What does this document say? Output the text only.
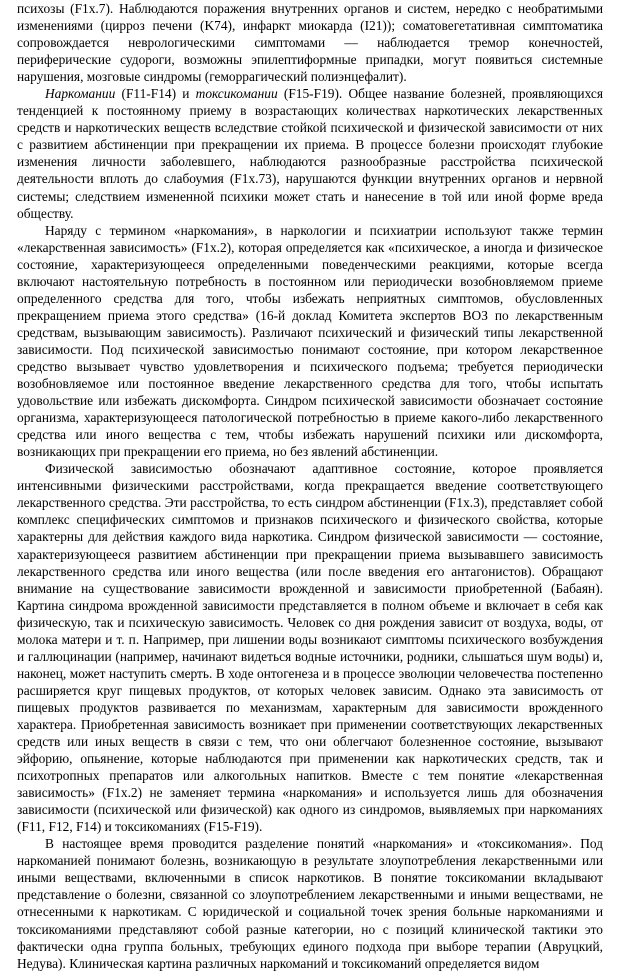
психозы (F1x.7). Наблюдаются поражения внутренних органов и систем, нередко с необратимыми изменениями (цирроз печени (K74), инфаркт миокарда (I21)); соматовегетативная симптоматика сопровождается неврологическими симптомами — наблюдается тремор конечностей, периферические судороги, возможны эпилептиформные припадки, могут появиться системные нарушения, мозговые синдромы (геморрагический полиэнцефалит).

Наркомании (F11-F14) и токсикомании (F15-F19). Общее название болезней, проявляющихся тенденцией к постоянному приему в возрастающих количествах наркотических лекарственных средств и наркотических веществ вследствие стойкой психической и физической зависимости от них с развитием абстиненции при прекращении их приема. В процессе болезни происходят глубокие изменения личности заболевшего, наблюдаются разнообразные расстройства психической деятельности вплоть до слабоумия (F1x.73), нарушаются функции внутренних органов и нервной системы; следствием измененной психики может стать и нанесение в той или иной форме вреда обществу.

Наряду с термином «наркомания», в наркологии и психиатрии используют также термин «лекарственная зависимость» (F1x.2), которая определяется как «психическое, а иногда и физическое состояние, характеризующееся определенными поведенческими реакциями, которые всегда включают настоятельную потребность в постоянном или периодически возобновляемом приеме определенного средства для того, чтобы избежать неприятных симптомов, обусловленных прекращением приема этого средства» (16-й доклад Комитета экспертов ВОЗ по лекарственным средствам, вызывающим зависимость). Различают психический и физический типы лекарственной зависимости. Под психической зависимостью понимают состояние, при котором лекарственное средство вызывает чувство удовлетворения и психического подъема; требуется периодически возобновляемое или постоянное введение лекарственного средства для того, чтобы испытать удовольствие или избежать дискомфорта. Синдром психической зависимости обозначает состояние организма, характеризующееся патологической потребностью в приеме какого-либо лекарственного средства или иного вещества с тем, чтобы избежать нарушений психики или дискомфорта, возникающих при прекращении его приема, но без явлений абстиненции.

Физической зависимостью обозначают адаптивное состояние, которое проявляется интенсивными физическими расстройствами, когда прекращается введение соответствующего лекарственного средства. Эти расстройства, то есть синдром абстиненции (F1x.3), представляет собой комплекс специфических симптомов и признаков психического и физического свойства, которые характерны для действия каждого вида наркотика. Синдром физической зависимости — состояние, характеризующееся развитием абстиненции при прекращении приема вызывавшего зависимость лекарственного средства или иного вещества (или после введения его антагонистов). Обращают внимание на существование зависимости врожденной и зависимости приобретенной (Бабаян). Картина синдрома врожденной зависимости представляется в полном объеме и включает в себя как физическую, так и психическую зависимость. Человек со дня рождения зависит от воздуха, воды, от молока матери и т. п. Например, при лишении воды возникают симптомы психического возбуждения и галлюцинации (например, начинают видеться водные источники, родники, слышаться шум воды) и, наконец, может наступить смерть. В ходе онтогенеза и в процессе эволюции человечества постепенно расширяется круг пищевых продуктов, от которых человек зависим. Однако эта зависимость от пищевых продуктов развивается по механизмам, характерным для зависимости врожденного характера. Приобретенная зависимость возникает при применении соответствующих лекарственных средств или иных веществ в связи с тем, что они облегчают болезненное состояние, вызывают эйфорию, опьянение, которые наблюдаются при применении как наркотических средств, так и психотропных препаратов или алкогольных напитков. Вместе с тем понятие «лекарственная зависимость» (F1x.2) не заменяет термина «наркомания» и используется лишь для обозначения зависимости (психической или физической) как одного из синдромов, выявляемых при наркоманиях (F11, F12, F14) и токсикоманиях (F15-F19).

В настоящее время проводится разделение понятий «наркомания» и «токсикомания». Под наркоманией понимают болезнь, возникающую в результате злоупотребления лекарственными или иными веществами, включенными в список наркотиков. В понятие токсикомании вкладывают представление о болезни, связанной со злоупотреблением лекарственными и иными веществами, не отнесенными к наркотикам. С юридической и социальной точек зрения больные наркоманиями и токсикоманиями представляют собой разные категории, но с позиций клинической тактики это фактически одна группа больных, требующих единого подхода при выборе терапии (Авруцкий, Недува). Клиническая картина различных наркоманий и токсикоманий определяется видом
